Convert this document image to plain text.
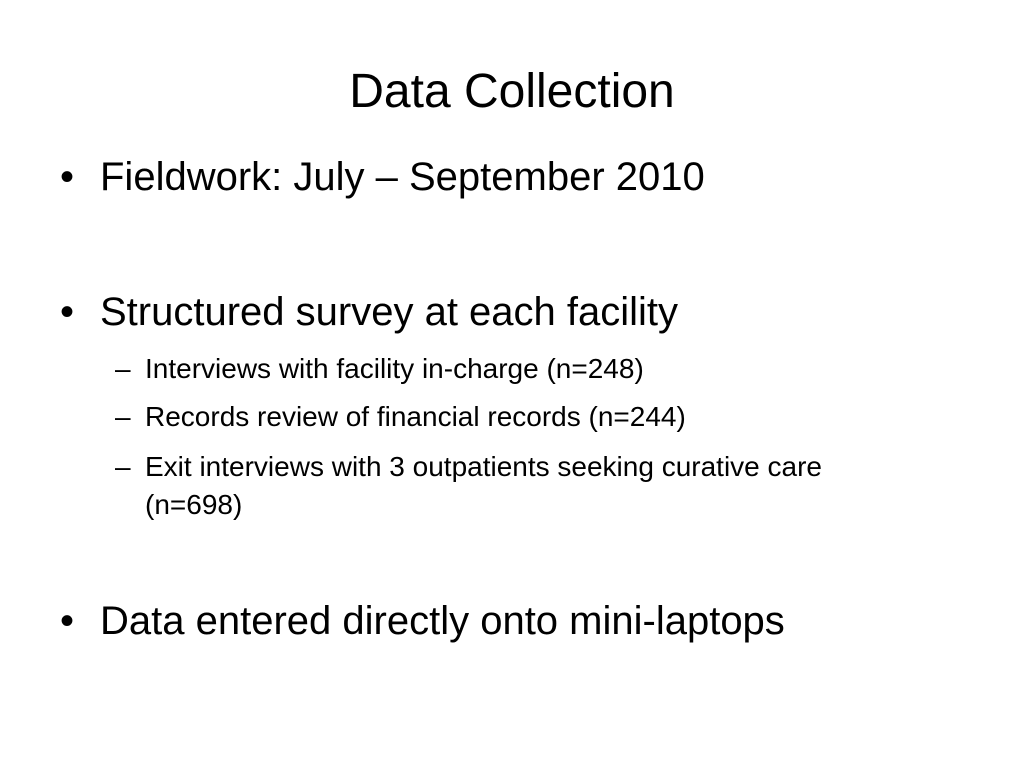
Data Collection
• Fieldwork: July – September 2010
• Structured survey at each facility
– Interviews with facility in-charge (n=248)
– Records review of financial records (n=244)
– Exit interviews with 3 outpatients seeking curative care (n=698)
• Data entered directly onto mini-laptops
